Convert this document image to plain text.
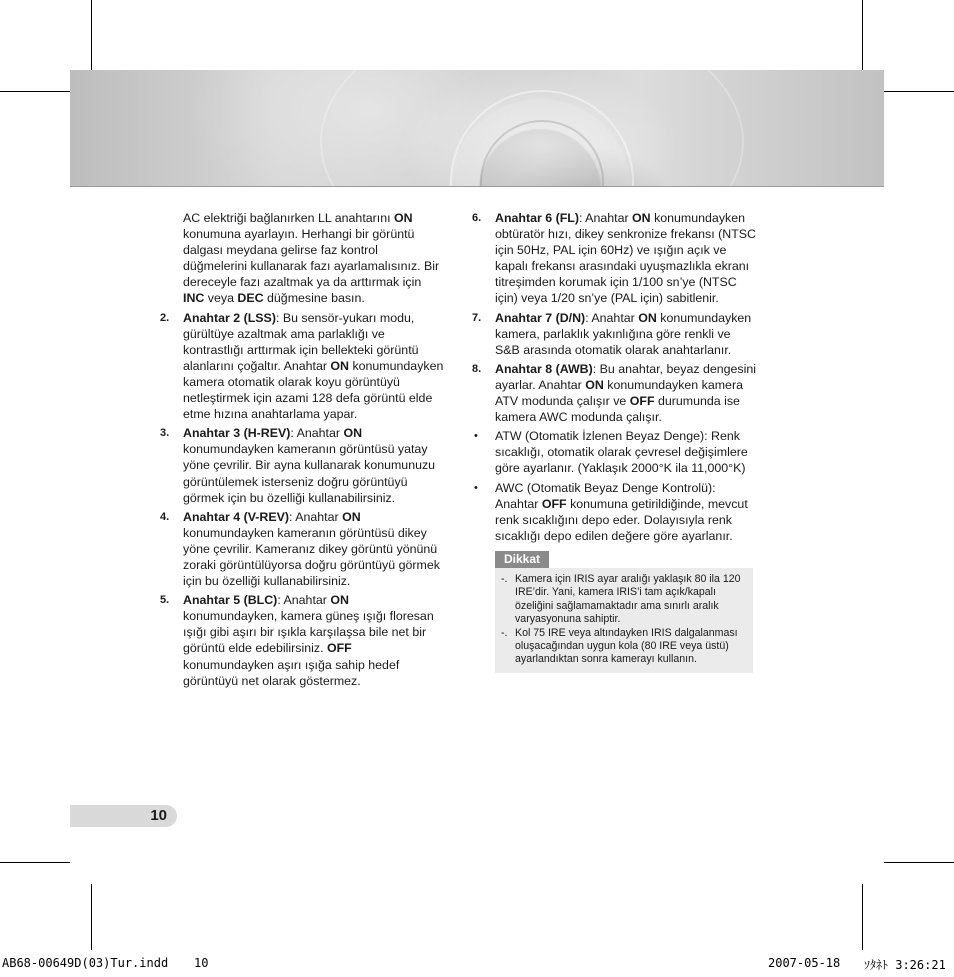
AC elektriği bağlanırken LL anahtarını ON konumuna ayarlayın. Herhangi bir görüntü dalgası meydana gelirse faz kontrol düğmelerini kullanarak fazı ayarlamalısınız. Bir dereceyle fazı azaltmak ya da arttırmak için INC veya DEC düğmesine basın.

2. Anahtar 2 (LSS): Bu sensör-yukarı modu, gürültüye azaltmak ama parlaklığı ve kontrastlığı arttırmak için bellekteki görüntü alanlarını çoğaltır. Anahtar ON konumundayken kamera otomatik olarak koyu görüntüyü netleştirmek için azami 128 defa görüntü elde etme hızına anahtarlama yapar.

3. Anahtar 3 (H-REV): Anahtar ON konumundayken kameranın görüntüsü yatay yöne çevrilir. Bir ayna kullanarak konumunuzu görüntülemek isterseniz doğru görüntüyü görmek için bu özelliği kullanabilirsiniz.

4. Anahtar 4 (V-REV): Anahtar ON konumundayken kameranın görüntüsü dikey yöne çevrilir. Kameranız dikey görüntü yönünü zoraki görüntülüyorsa doğru görüntüyü görmek için bu özelliği kullanabilirsiniz.

5. Anahtar 5 (BLC): Anahtar ON konumundayken, kamera güneş ışığı floresan ışığı gibi aşırı bir ışıkla karşılaşsa bile net bir görüntü elde edebilirsiniz. OFF konumundayken aşırı ışığa sahip hedef görüntüyü net olarak göstermez.

6. Anahtar 6 (FL): Anahtar ON konumundayken obtüratör hızı, dikey senkronize frekansı (NTSC için 50Hz, PAL için 60Hz) ve ışığın açık ve kapalı frekansı arasındaki uyuşmazlıkla ekranı titreşimden korumak için 1/100 sn’ye (NTSC için) veya 1/20 sn’ye (PAL için) sabitlenir.

7. Anahtar 7 (D/N): Anahtar ON konumundayken kamera, parlaklık yakınlığına göre renkli ve S&B arasında otomatik olarak anahtarlanır.

8. Anahtar 8 (AWB): Bu anahtar, beyaz dengesini ayarlar. Anahtar ON konumundayken kamera ATV modunda çalışır ve OFF durumunda ise kamera AWC modunda çalışır.

• ATW (Otomatik İzlenen Beyaz Denge): Renk sıcaklığı, otomatik olarak çevresel değişimlere göre ayarlanır. (Yaklaşık 2000°K ila 11,000°K)

• AWC (Otomatik Beyaz Denge Kontrolü): Anahtar OFF konumuna getirildiğinde, mevcut renk sıcaklığını depo eder. Dolayısıyla renk sıcaklığı depo edilen değere göre ayarlanır.

Dikkat
-. Kamera için IRIS ayar aralığı yaklaşık 80 ila 120 IRE’dir. Yani, kamera IRIS’i tam açık/kapalı özeliğini sağlamamaktadır ama sınırlı aralık varyasyonuna sahiptir.
-. Kol 75 IRE veya altındayken IRIS dalgalanması oluşacağından uygun kola (80 IRE veya üstü) ayarlandıktan sonra kamerayı kullanın.
10
AB68-00649D(03)Tur.indd 10	2007-05-18 ｿﾀﾈﾄ 3:26:21
